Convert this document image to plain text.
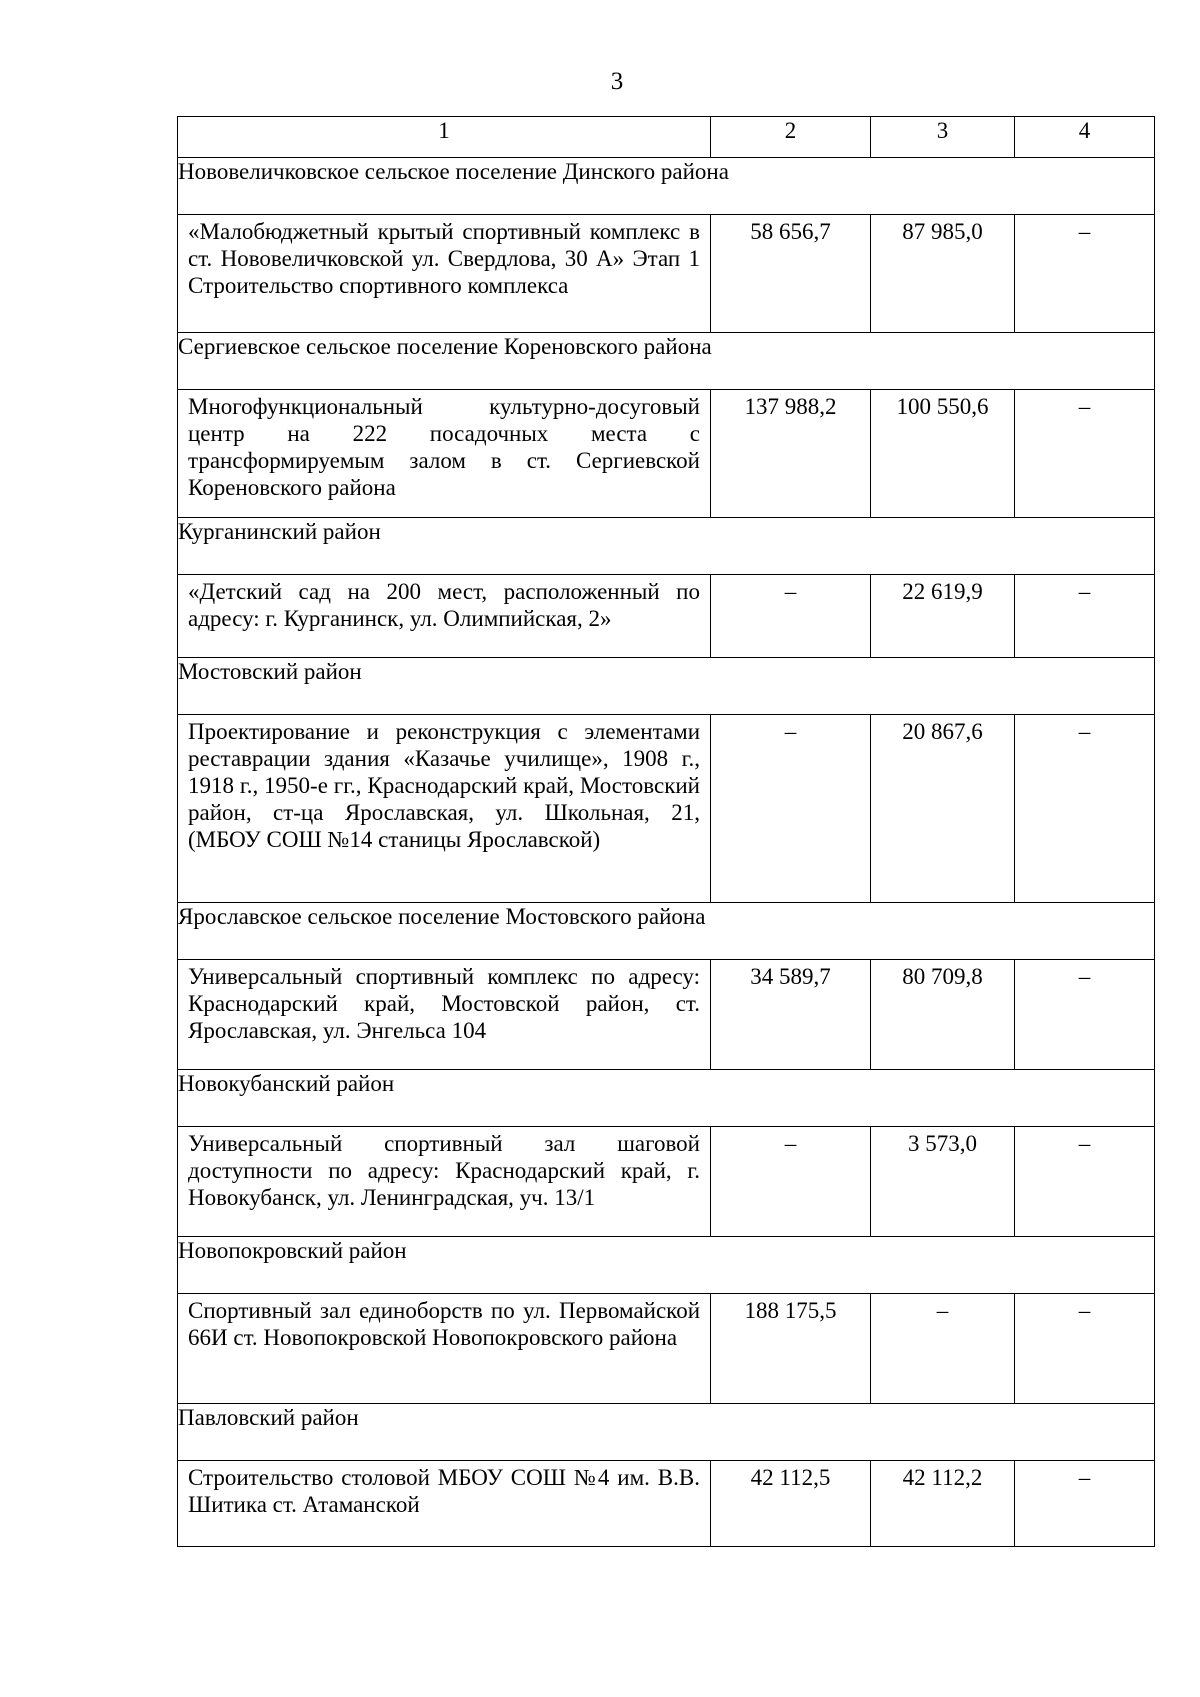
3
1	2	3	4
Нововеличковское сельское поселение Динского района			
«Малобюджетный крытый спортивный комплекс в ст. Нововеличковской ул. Свердлова, 30 А» Этап 1 Строительство спортивного комплекса	58 656,7	87 985,0	–
Сергиевское сельское поселение Кореновского района			
Многофункциональный культурно-досуговый центр на 222 посадочных места с трансформируемым залом в ст. Сергиевской Кореновского района	137 988,2	100 550,6	–
Курганинский район			
«Детский сад на 200 мест, расположенный по адресу: г. Курганинск, ул. Олимпийская, 2»	–	22 619,9	–
Мостовский район			
Проектирование и реконструкция с элементами реставрации здания «Казачье училище», 1908 г., 1918 г., 1950-е гг., Краснодарский край, Мостовский район, ст-ца Ярославская, ул. Школьная, 21, (МБОУ СОШ №14 станицы Ярославской)	–	20 867,6	–
Ярославское сельское поселение Мостовского района			
Универсальный спортивный комплекс по адресу: Краснодарский край, Мостовской район, ст. Ярославская, ул. Энгельса 104	34 589,7	80 709,8	–
Новокубанский район			
Универсальный спортивный зал шаговой доступности по адресу: Краснодарский край, г. Новокубанск, ул. Ленинградская, уч. 13/1	–	3 573,0	–
Новопокровский район			
Спортивный зал единоборств по ул. Первомайской 66И ст. Новопокровской Новопокровского района	188 175,5	–	–
Павловский район			
Строительство столовой МБОУ СОШ №4 им. В.В. Шитика ст. Атаманской	42 112,5	42 112,2	–
